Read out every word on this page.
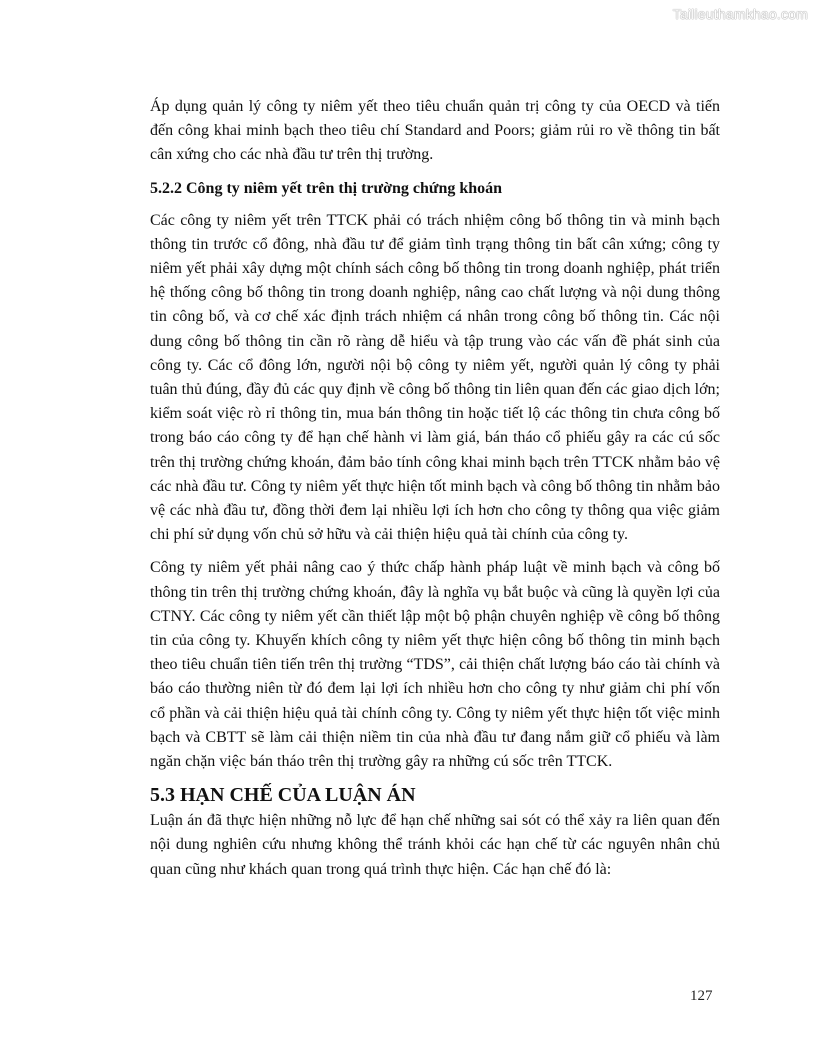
Tailieuthamkhao.com

Áp dụng quản lý công ty niêm yết theo tiêu chuẩn quản trị công ty của OECD và tiến đến công khai minh bạch theo tiêu chí Standard and Poors; giảm rủi ro về thông tin bất cân xứng cho các nhà đầu tư trên thị trường.

5.2.2 Công ty niêm yết trên thị trường chứng khoán

Các công ty niêm yết trên TTCK phải có trách nhiệm công bố thông tin và minh bạch thông tin trước cổ đông, nhà đầu tư để giảm tình trạng thông tin bất cân xứng; công ty niêm yết phải xây dựng một chính sách công bố thông tin trong doanh nghiệp, phát triển hệ thống công bố thông tin trong doanh nghiệp, nâng cao chất lượng và nội dung thông tin công bố, và cơ chế xác định trách nhiệm cá nhân trong công bố thông tin. Các nội dung công bố thông tin cần rõ ràng dễ hiểu và tập trung vào các vấn đề phát sinh của công ty. Các cổ đông lớn, người nội bộ công ty niêm yết, người quản lý công ty phải tuân thủ đúng, đầy đủ các quy định về công bố thông tin liên quan đến các giao dịch lớn; kiểm soát việc rò rỉ thông tin, mua bán thông tin hoặc tiết lộ các thông tin chưa công bố trong báo cáo công ty để hạn chế hành vi làm giá, bán tháo cổ phiếu gây ra các cú sốc trên thị trường chứng khoán, đảm bảo tính công khai minh bạch trên TTCK nhằm bảo vệ các nhà đầu tư. Công ty niêm yết thực hiện tốt minh bạch và công bố thông tin nhằm bảo vệ các nhà đầu tư, đồng thời đem lại nhiều lợi ích hơn cho công ty thông qua việc giảm chi phí sử dụng vốn chủ sở hữu và cải thiện hiệu quả tài chính của công ty.

Công ty niêm yết phải nâng cao ý thức chấp hành pháp luật về minh bạch và công bố thông tin trên thị trường chứng khoán, đây là nghĩa vụ bắt buộc và cũng là quyền lợi của CTNY. Các công ty niêm yết cần thiết lập một bộ phận chuyên nghiệp về công bố thông tin của công ty. Khuyến khích công ty niêm yết thực hiện công bố thông tin minh bạch theo tiêu chuẩn tiên tiến trên thị trường “TDS”, cải thiện chất lượng báo cáo tài chính và báo cáo thường niên từ đó đem lại lợi ích nhiều hơn cho công ty như giảm chi phí vốn cổ phần và cải thiện hiệu quả tài chính công ty. Công ty niêm yết thực hiện tốt việc minh bạch và CBTT sẽ làm cải thiện niềm tin của nhà đầu tư đang nắm giữ cổ phiếu và làm ngăn chặn việc bán tháo trên thị trường gây ra những cú sốc trên TTCK.

5.3 HẠN CHẾ CỦA LUẬN ÁN

Luận án đã thực hiện những nỗ lực để hạn chế những sai sót có thể xảy ra liên quan đến nội dung nghiên cứu nhưng không thể tránh khỏi các hạn chế từ các nguyên nhân chủ quan cũng như khách quan trong quá trình thực hiện. Các hạn chế đó là:

127
